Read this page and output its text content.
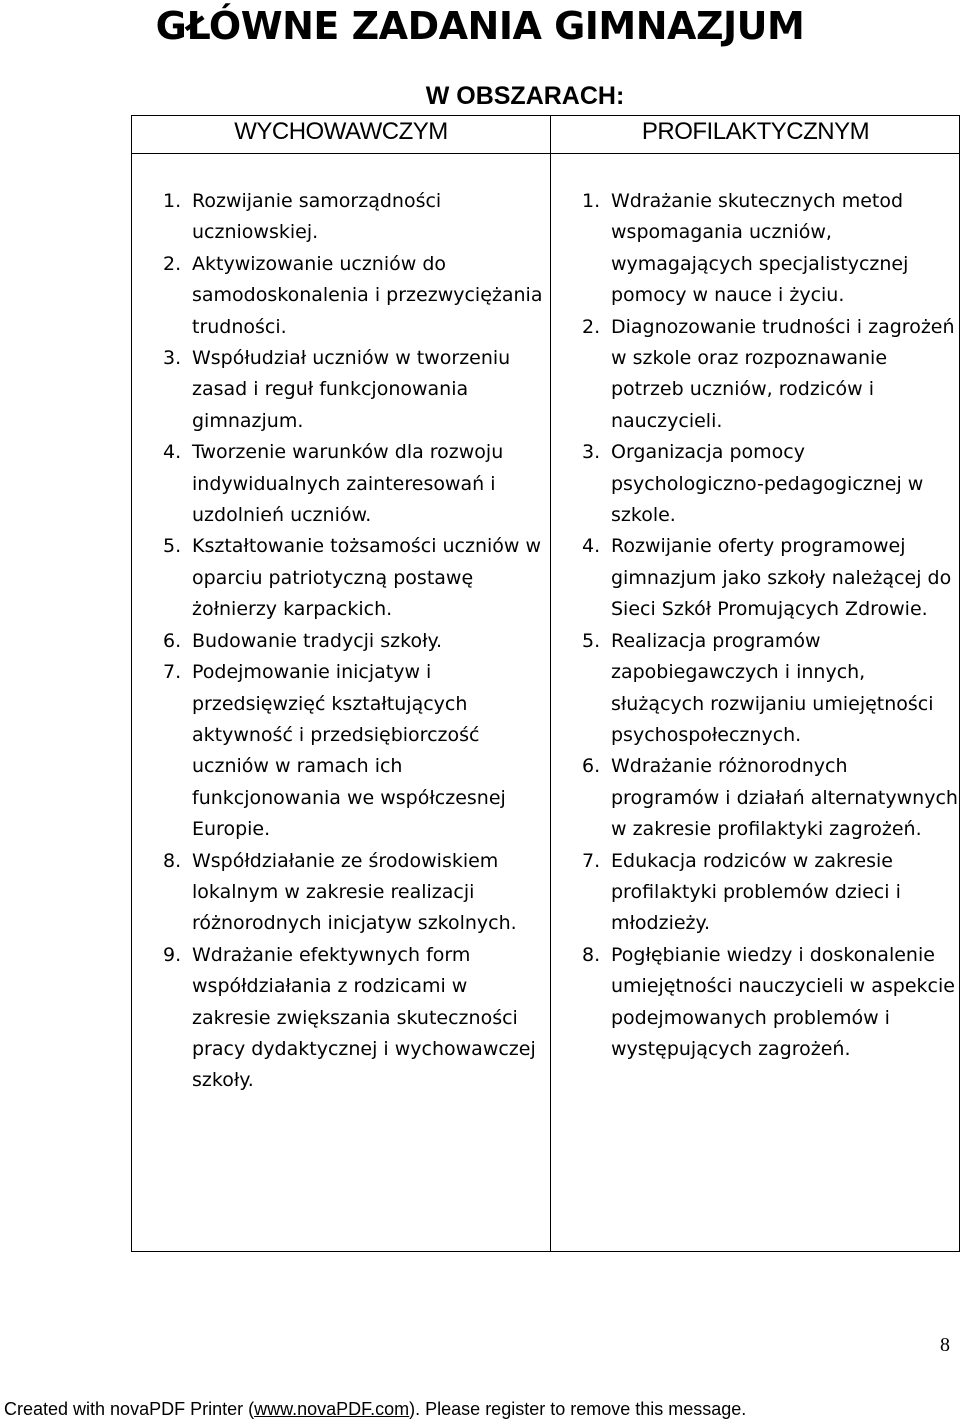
GŁÓWNE ZADANIA GIMNAZJUM
W OBSZARACH:
WYCHOWAWCZYM	PROFILAKTYCZNYM
1. Rozwijanie samorządności uczniowskiej.
2. Aktywizowanie uczniów do samodoskonalenia i przezwyciężania trudności.
3. Współudział uczniów w tworzeniu zasad i reguł funkcjonowania gimnazjum.
4. Tworzenie warunków dla rozwoju indywidualnych zainteresowań i uzdolnień uczniów.
5. Kształtowanie tożsamości uczniów w oparciu patriotyczną postawę żołnierzy karpackich.
6. Budowanie tradycji szkoły.
7. Podejmowanie inicjatyw i przedsięwzięć kształtujących aktywność i przedsiębiorczość uczniów w ramach ich funkcjonowania we współczesnej Europie.
8. Współdziałanie ze środowiskiem lokalnym w zakresie realizacji różnorodnych inicjatyw szkolnych.
9. Wdrażanie efektywnych form współdziałania z rodzicami w zakresie zwiększania skuteczności pracy dydaktycznej i wychowawczej szkoły.
1. Wdrażanie skutecznych metod wspomagania uczniów, wymagających specjalistycznej pomocy w nauce i życiu.
2. Diagnozowanie trudności i zagrożeń w szkole oraz rozpoznawanie potrzeb uczniów, rodziców i nauczycieli.
3. Organizacja pomocy psychologiczno-pedagogicznej w szkole.
4. Rozwijanie oferty programowej gimnazjum jako szkoły należącej do Sieci Szkół Promujących Zdrowie.
5. Realizacja programów zapobiegawczych i innych, służących rozwijaniu umiejętności psychospołecznych.
6. Wdrażanie różnorodnych programów i działań alternatywnych w zakresie profilaktyki zagrożeń.
7. Edukacja rodziców w zakresie profilaktyki problemów dzieci i młodzieży.
8. Pogłębianie wiedzy i doskonalenie umiejętności nauczycieli w aspekcie podejmowanych problemów i występujących zagrożeń.
8
Created with novaPDF Printer (www.novaPDF.com). Please register to remove this message.
